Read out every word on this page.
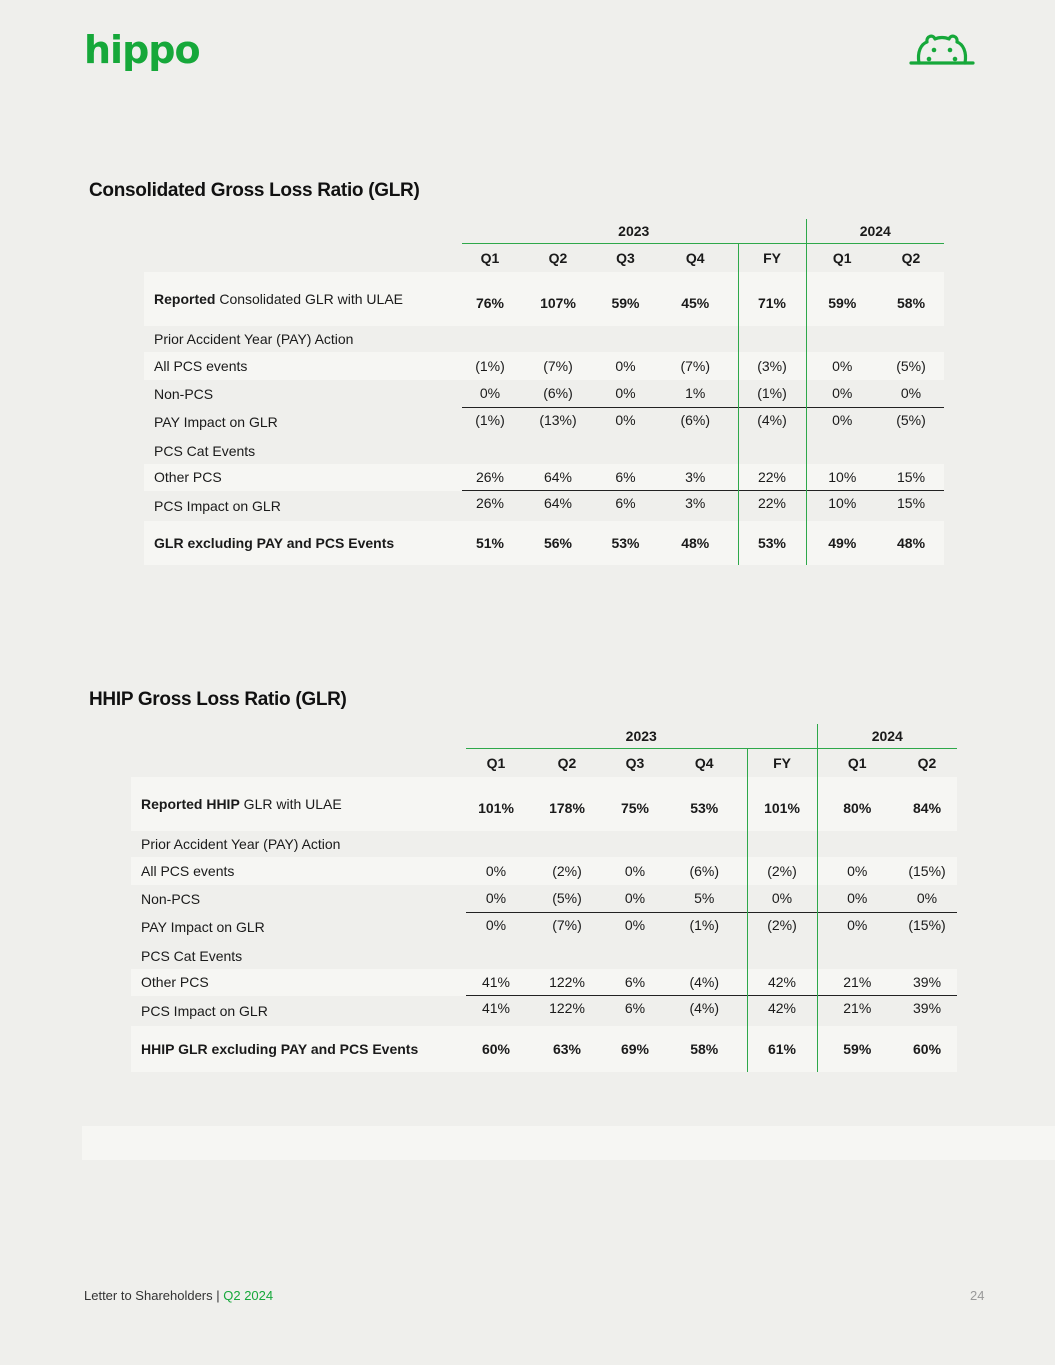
hippo
Consolidated Gross Loss Ratio (GLR)
	2023					2024	
	Q1	Q2	Q3	Q4	FY	Q1	Q2
Reported Consolidated GLR with ULAE	76%	107%	59%	45%	71%	59%	58%
Prior Accident Year (PAY) Action							
All PCS events	(1%)	(7%)	0%	(7%)	(3%)	0%	(5%)
Non-PCS	0%	(6%)	0%	1%	(1%)	0%	0%
PAY Impact on GLR	(1%)	(13%)	0%	(6%)	(4%)	0%	(5%)
PCS Cat Events							
Other PCS	26%	64%	6%	3%	22%	10%	15%
PCS Impact on GLR	26%	64%	6%	3%	22%	10%	15%
GLR excluding PAY and PCS Events	51%	56%	53%	48%	53%	49%	48%
HHIP Gross Loss Ratio (GLR)
	2023					2024	
	Q1	Q2	Q3	Q4	FY	Q1	Q2
Reported HHIP GLR with ULAE	101%	178%	75%	53%	101%	80%	84%
Prior Accident Year (PAY) Action							
All PCS events	0%	(2%)	0%	(6%)	(2%)	0%	(15%)
Non-PCS	0%	(5%)	0%	5%	0%	0%	0%
PAY Impact on GLR	0%	(7%)	0%	(1%)	(2%)	0%	(15%)
PCS Cat Events							
Other PCS	41%	122%	6%	(4%)	42%	21%	39%
PCS Impact on GLR	41%	122%	6%	(4%)	42%	21%	39%
HHIP GLR excluding PAY and PCS Events	60%	63%	69%	58%	61%	59%	60%
Letter to Shareholders | Q2 2024	24
